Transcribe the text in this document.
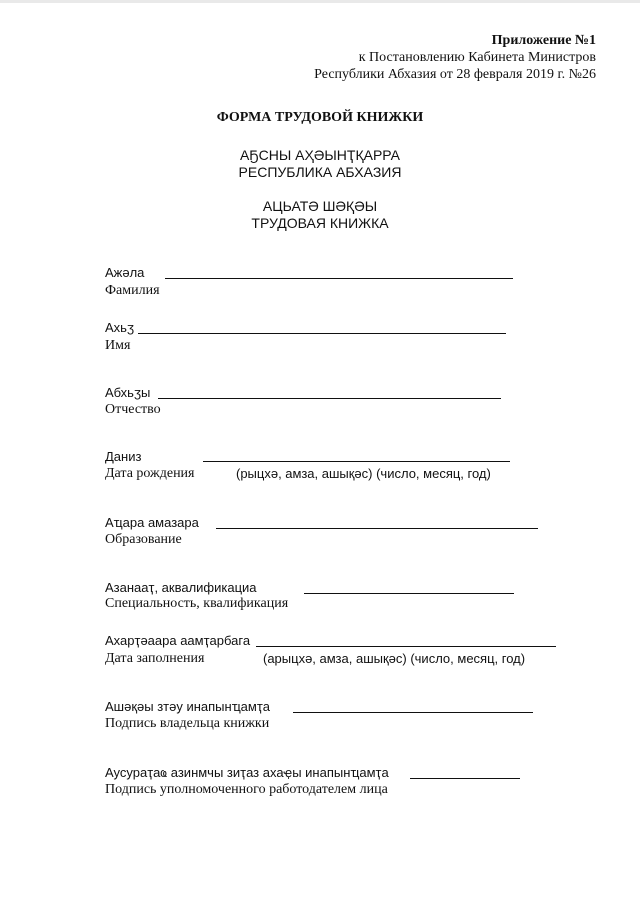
Приложение №1
к Постановлению Кабинета Министров
Республики Абхазия от 28 февраля 2019 г. №26
ФОРМА ТРУДОВОЙ КНИЖКИ
АҔСНЫ АҲӘЫНҬҚАРРА
РЕСПУБЛИКА АБХАЗИЯ
АЦЬАТӘ ШӘҚӘЫ
ТРУДОВАЯ КНИЖКА
Ажәла
Фамилия
Ахьӡ
Имя
Абхьӡы
Отчество
Даниз
Дата рождения	(рыцхә, амза, ашықәс) (число, месяц, год)
Аҵара амазара
Образование
Азанааҭ, аквалификациа
Специальность, квалификация
Ахарҭәаара аамҭарбага
Дата заполнения	(арыцхә, амза, ашықәс) (число, месяц, год)
Ашәқәы зтәу инапынҵамҭа
Подпись владельца книжки
Аусураҭаҩ азинмчы зиҭаз ахаҿы инапынҵамҭа
Подпись уполномоченного работодателем лица
